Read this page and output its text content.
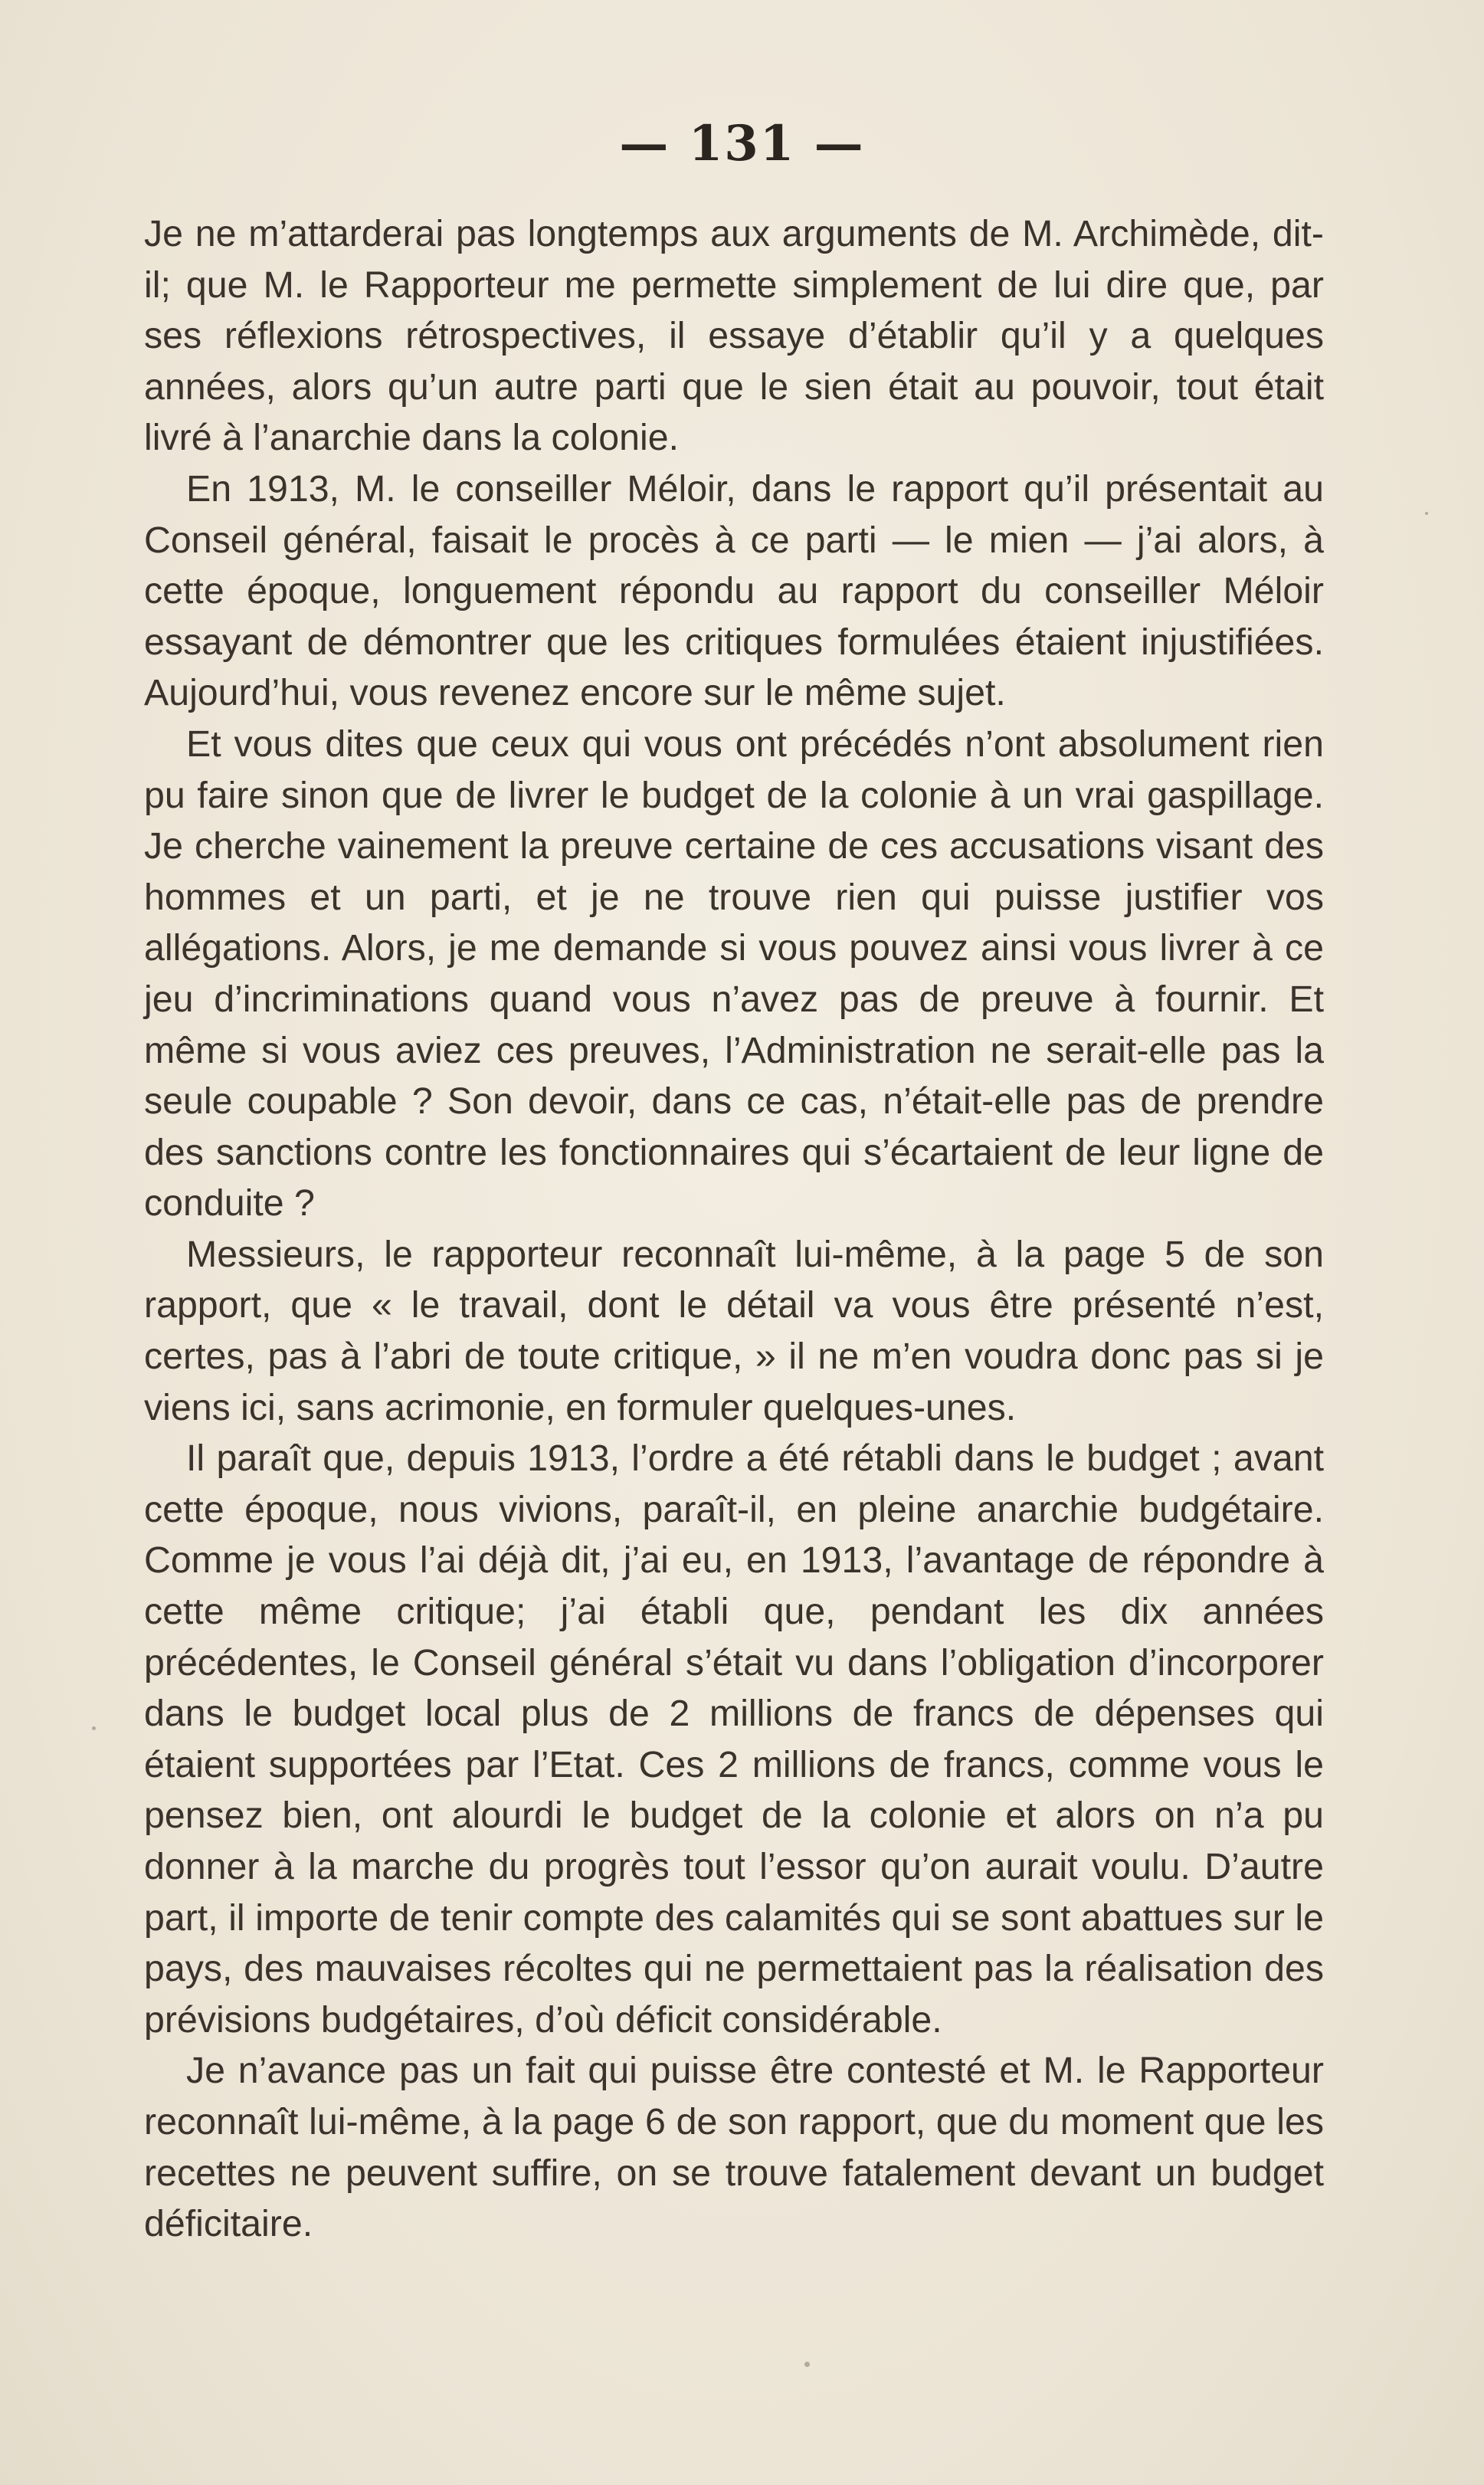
— 131 —

Je ne m’attarderai pas longtemps aux arguments de M. Archimède, dit-il; que M. le Rapporteur me permette simplement de lui dire que, par ses réflexions rétrospectives, il essaye d’établir qu’il y a quelques années, alors qu’un autre parti que le sien était au pouvoir, tout était livré à l’anarchie dans la colonie.

En 1913, M. le conseiller Méloir, dans le rapport qu’il présentait au Conseil général, faisait le procès à ce parti — le mien — j’ai alors, à cette époque, longuement répondu au rapport du conseiller Méloir essayant de démontrer que les critiques formulées étaient injustifiées. Aujourd’hui, vous revenez encore sur le même sujet.

Et vous dites que ceux qui vous ont précédés n’ont absolument rien pu faire sinon que de livrer le budget de la colonie à un vrai gaspillage. Je cherche vainement la preuve certaine de ces accusations visant des hommes et un parti, et je ne trouve rien qui puisse justifier vos allégations. Alors, je me demande si vous pouvez ainsi vous livrer à ce jeu d’incriminations quand vous n’avez pas de preuve à fournir. Et même si vous aviez ces preuves, l’Administration ne serait-elle pas la seule coupable ? Son devoir, dans ce cas, n’était-elle pas de prendre des sanctions contre les fonctionnaires qui s’écartaient de leur ligne de conduite ?

Messieurs, le rapporteur reconnaît lui-même, à la page 5 de son rapport, que « le travail, dont le détail va vous être présenté n’est, certes, pas à l’abri de toute critique, » il ne m’en voudra donc pas si je viens ici, sans acrimonie, en formuler quelques-unes.

Il paraît que, depuis 1913, l’ordre a été rétabli dans le budget ; avant cette époque, nous vivions, paraît-il, en pleine anarchie budgétaire. Comme je vous l’ai déjà dit, j’ai eu, en 1913, l’avantage de répondre à cette même critique; j’ai établi que, pendant les dix années précédentes, le Conseil général s’était vu dans l’obligation d’incorporer dans le budget local plus de 2 millions de francs de dépenses qui étaient supportées par l’Etat. Ces 2 millions de francs, comme vous le pensez bien, ont alourdi le budget de la colonie et alors on n’a pu donner à la marche du progrès tout l’essor qu’on aurait voulu. D’autre part, il importe de tenir compte des calamités qui se sont abattues sur le pays, des mauvaises récoltes qui ne permettaient pas la réalisation des prévisions budgétaires, d’où déficit considérable.

Je n’avance pas un fait qui puisse être contesté et M. le Rapporteur reconnaît lui-même, à la page 6 de son rapport, que du moment que les recettes ne peuvent suffire, on se trouve fatalement devant un budget déficitaire.
